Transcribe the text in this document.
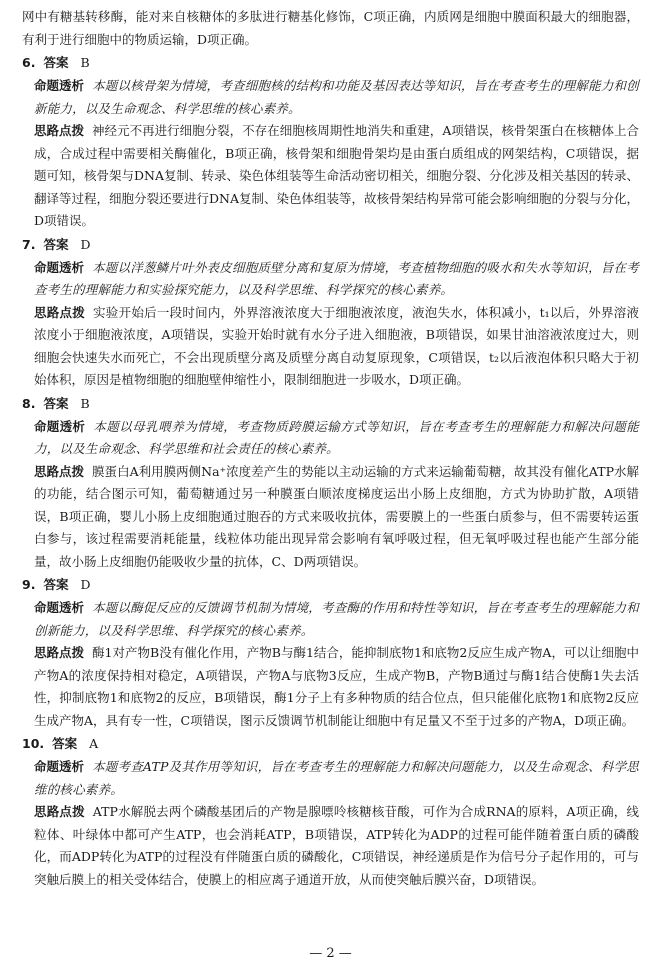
网中有糖基转移酶，能对来自核糖体的多肽进行糖基化修饰，C项正确，内质网是细胞中膜面积最大的细胞器，有利于进行细胞中的物质运输，D项正确。

6. 答案 B

命题透析 本题以核骨架为情境，考查细胞核的结构和功能及基因表达等知识，旨在考查考生的理解能力和创新能力，以及生命观念、科学思维的核心素养。

思路点拨 神经元不再进行细胞分裂，不存在细胞核周期性地消失和重建，A项错误，核骨架蛋白在核糖体上合成，合成过程中需要相关酶催化，B项正确，核骨架和细胞骨架均是由蛋白质组成的网架结构，C项错误，据题可知，核骨架与DNA复制、转录、染色体组装等生命活动密切相关，细胞分裂、分化涉及相关基因的转录、翻译等过程，细胞分裂还要进行DNA复制、染色体组装等，故核骨架结构异常可能会影响细胞的分裂与分化，D项错误。

7. 答案 D

命题透析 本题以洋葱鳞片叶外表皮细胞质壁分离和复原为情境，考查植物细胞的吸水和失水等知识，旨在考查考生的理解能力和实验探究能力，以及科学思维、科学探究的核心素养。

思路点拨 实验开始后一段时间内，外界溶液浓度大于细胞液浓度，液泡失水，体积减小，t₁以后，外界溶液浓度小于细胞液浓度，A项错误，实验开始时就有水分子进入细胞液，B项错误，如果甘油溶液浓度过大，则细胞会快速失水而死亡，不会出现质壁分离及质壁分离自动复原现象，C项错误，t₂以后液泡体积只略大于初始体积，原因是植物细胞的细胞壁伸缩性小，限制细胞进一步吸水，D项正确。

8. 答案 B

命题透析 本题以母乳喂养为情境，考查物质跨膜运输方式等知识，旨在考查考生的理解能力和解决问题能力，以及生命观念、科学思维和社会责任的核心素养。

思路点拨 膜蛋白A利用膜两侧Na⁺浓度差产生的势能以主动运输的方式来运输葡萄糖，故其没有催化ATP水解的功能，结合图示可知，葡萄糖通过另一种膜蛋白顺浓度梯度运出小肠上皮细胞，方式为协助扩散，A项错误，B项正确，婴儿小肠上皮细胞通过胞吞的方式来吸收抗体，需要膜上的一些蛋白质参与，但不需要转运蛋白参与，该过程需要消耗能量，线粒体功能出现异常会影响有氧呼吸过程，但无氧呼吸过程也能产生部分能量，故小肠上皮细胞仍能吸收少量的抗体，C、D两项错误。

9. 答案 D

命题透析 本题以酶促反应的反馈调节机制为情境，考查酶的作用和特性等知识，旨在考查考生的理解能力和创新能力，以及科学思维、科学探究的核心素养。

思路点拨 酶1对产物B没有催化作用，产物B与酶1结合，能抑制底物1和底物2反应生成产物A，可以让细胞中产物A的浓度保持相对稳定，A项错误，产物A与底物3反应，生成产物B，产物B通过与酶1结合使酶1失去活性，抑制底物1和底物2的反应，B项错误，酶1分子上有多种物质的结合位点，但只能催化底物1和底物2反应生成产物A，具有专一性，C项错误，图示反馈调节机制能让细胞中有足量又不至于过多的产物A，D项正确。

10. 答案 A

命题透析 本题考查ATP及其作用等知识，旨在考查考生的理解能力和解决问题能力，以及生命观念、科学思维的核心素养。

思路点拨 ATP水解脱去两个磷酸基团后的产物是腺嘌呤核糖核苷酸，可作为合成RNA的原料，A项正确，线粒体、叶绿体中都可产生ATP，也会消耗ATP，B项错误，ATP转化为ADP的过程可能伴随着蛋白质的磷酸化，而ADP转化为ATP的过程没有伴随蛋白质的磷酸化，C项错误，神经递质是作为信号分子起作用的，可与突触后膜上的相关受体结合，使膜上的相应离子通道开放，从而使突触后膜兴奋，D项错误。

— 2 —
